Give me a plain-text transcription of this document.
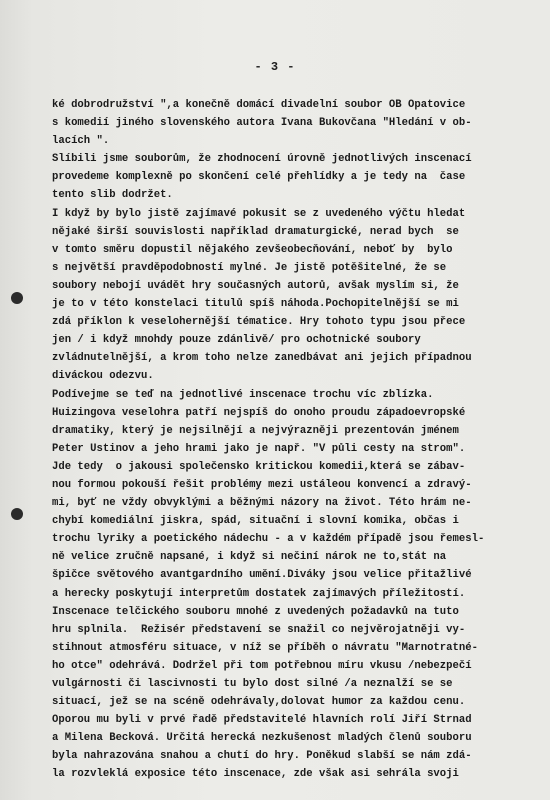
- 3 -
ké dobrodružství ",a konečně domácí divadelní soubor OB Opatovice
s komedií jiného slovenského autora Ivana Bukovčana "Hledání v ob-
lacích ".
Slíbili jsme souborům, že zhodnocení úrovně jednotlivých inscenací
provedeme komplexně po skončení celé přehlídky a je tedy na  čase
tento slib dodržet.
I když by bylo jistě zajímavé pokusit se z uvedeného výčtu hledat
nějaké širší souvislosti například dramaturgické, nerad bych  se
v tomto směru dopustil nějakého zevšeobecňování, neboť by  bylo
s největší pravděpodobností mylné. Je jistě potěšitelné, že se
soubory nebojí uvádět hry současných autorů, avšak myslím si, že
je to v této konstelaci titulů spíš náhoda.Pochopitelnější se mi
zdá příklon k veselohernější tématice. Hry tohoto typu jsou přece
jen / i když mnohdy pouze zdánlivě/ pro ochotnické soubory
zvládnutelnější, a krom toho nelze zanedbávat ani jejich případnou
diváckou odezvu.
Podívejme se teď na jednotlivé inscenace trochu víc zblízka.
Huizingova veselohra patří nejspíš do onoho proudu západoevropské
dramatiky, který je nejsilnějí a nejvýrazněji prezentován jménem
Peter Ustinov a jeho hrami jako je např. "V půli cesty na strom".
Jde tedy  o jakousi společensko kritickou komedii,která se zábav-
nou formou pokouší řešit problémy mezi ustáleou konvencí a zdravý-
mi, byť ne vždy obvyklými a běžnými názory na život. Této hrám ne-
chybí komediální jiskra, spád, situační i slovní komika, občas i
trochu lyriky a poetického nádechu - a v každém případě jsou řemesl-
ně velice zručně napsané, i když si nečiní nárok ne to,stát na
špičce světového avantgardního umění.Diváky jsou velice přitažlivé
a herecky poskytují interpretům dostatek zajímavých příležitostí.
Inscenace telčického souboru mnohé z uvedených požadavků na tuto
hru splnila.  Režisér představení se snažil co nejvěrojatněji vy-
stihnout atmosféru situace, v níž se příběh o návratu "Marnotratné-
ho otce" odehrává. Dodržel při tom potřebnou míru vkusu /nebezpečí
vulgárnosti či lascivnosti tu bylo dost silné /a neznalží se se
situací, jež se na scéně odehrávaly,dolovat humor za každou cenu.
Oporou mu byli v prvé řadě představitelé hlavních rolí Jiří Strnad
a Milena Becková. Určitá herecká nezkušenost mladých členů souboru
byla nahrazována snahou a chutí do hry. Poněkud slabší se nám zdá-
la rozvleklá exposice této inscenace, zde však asi sehrála svoji
